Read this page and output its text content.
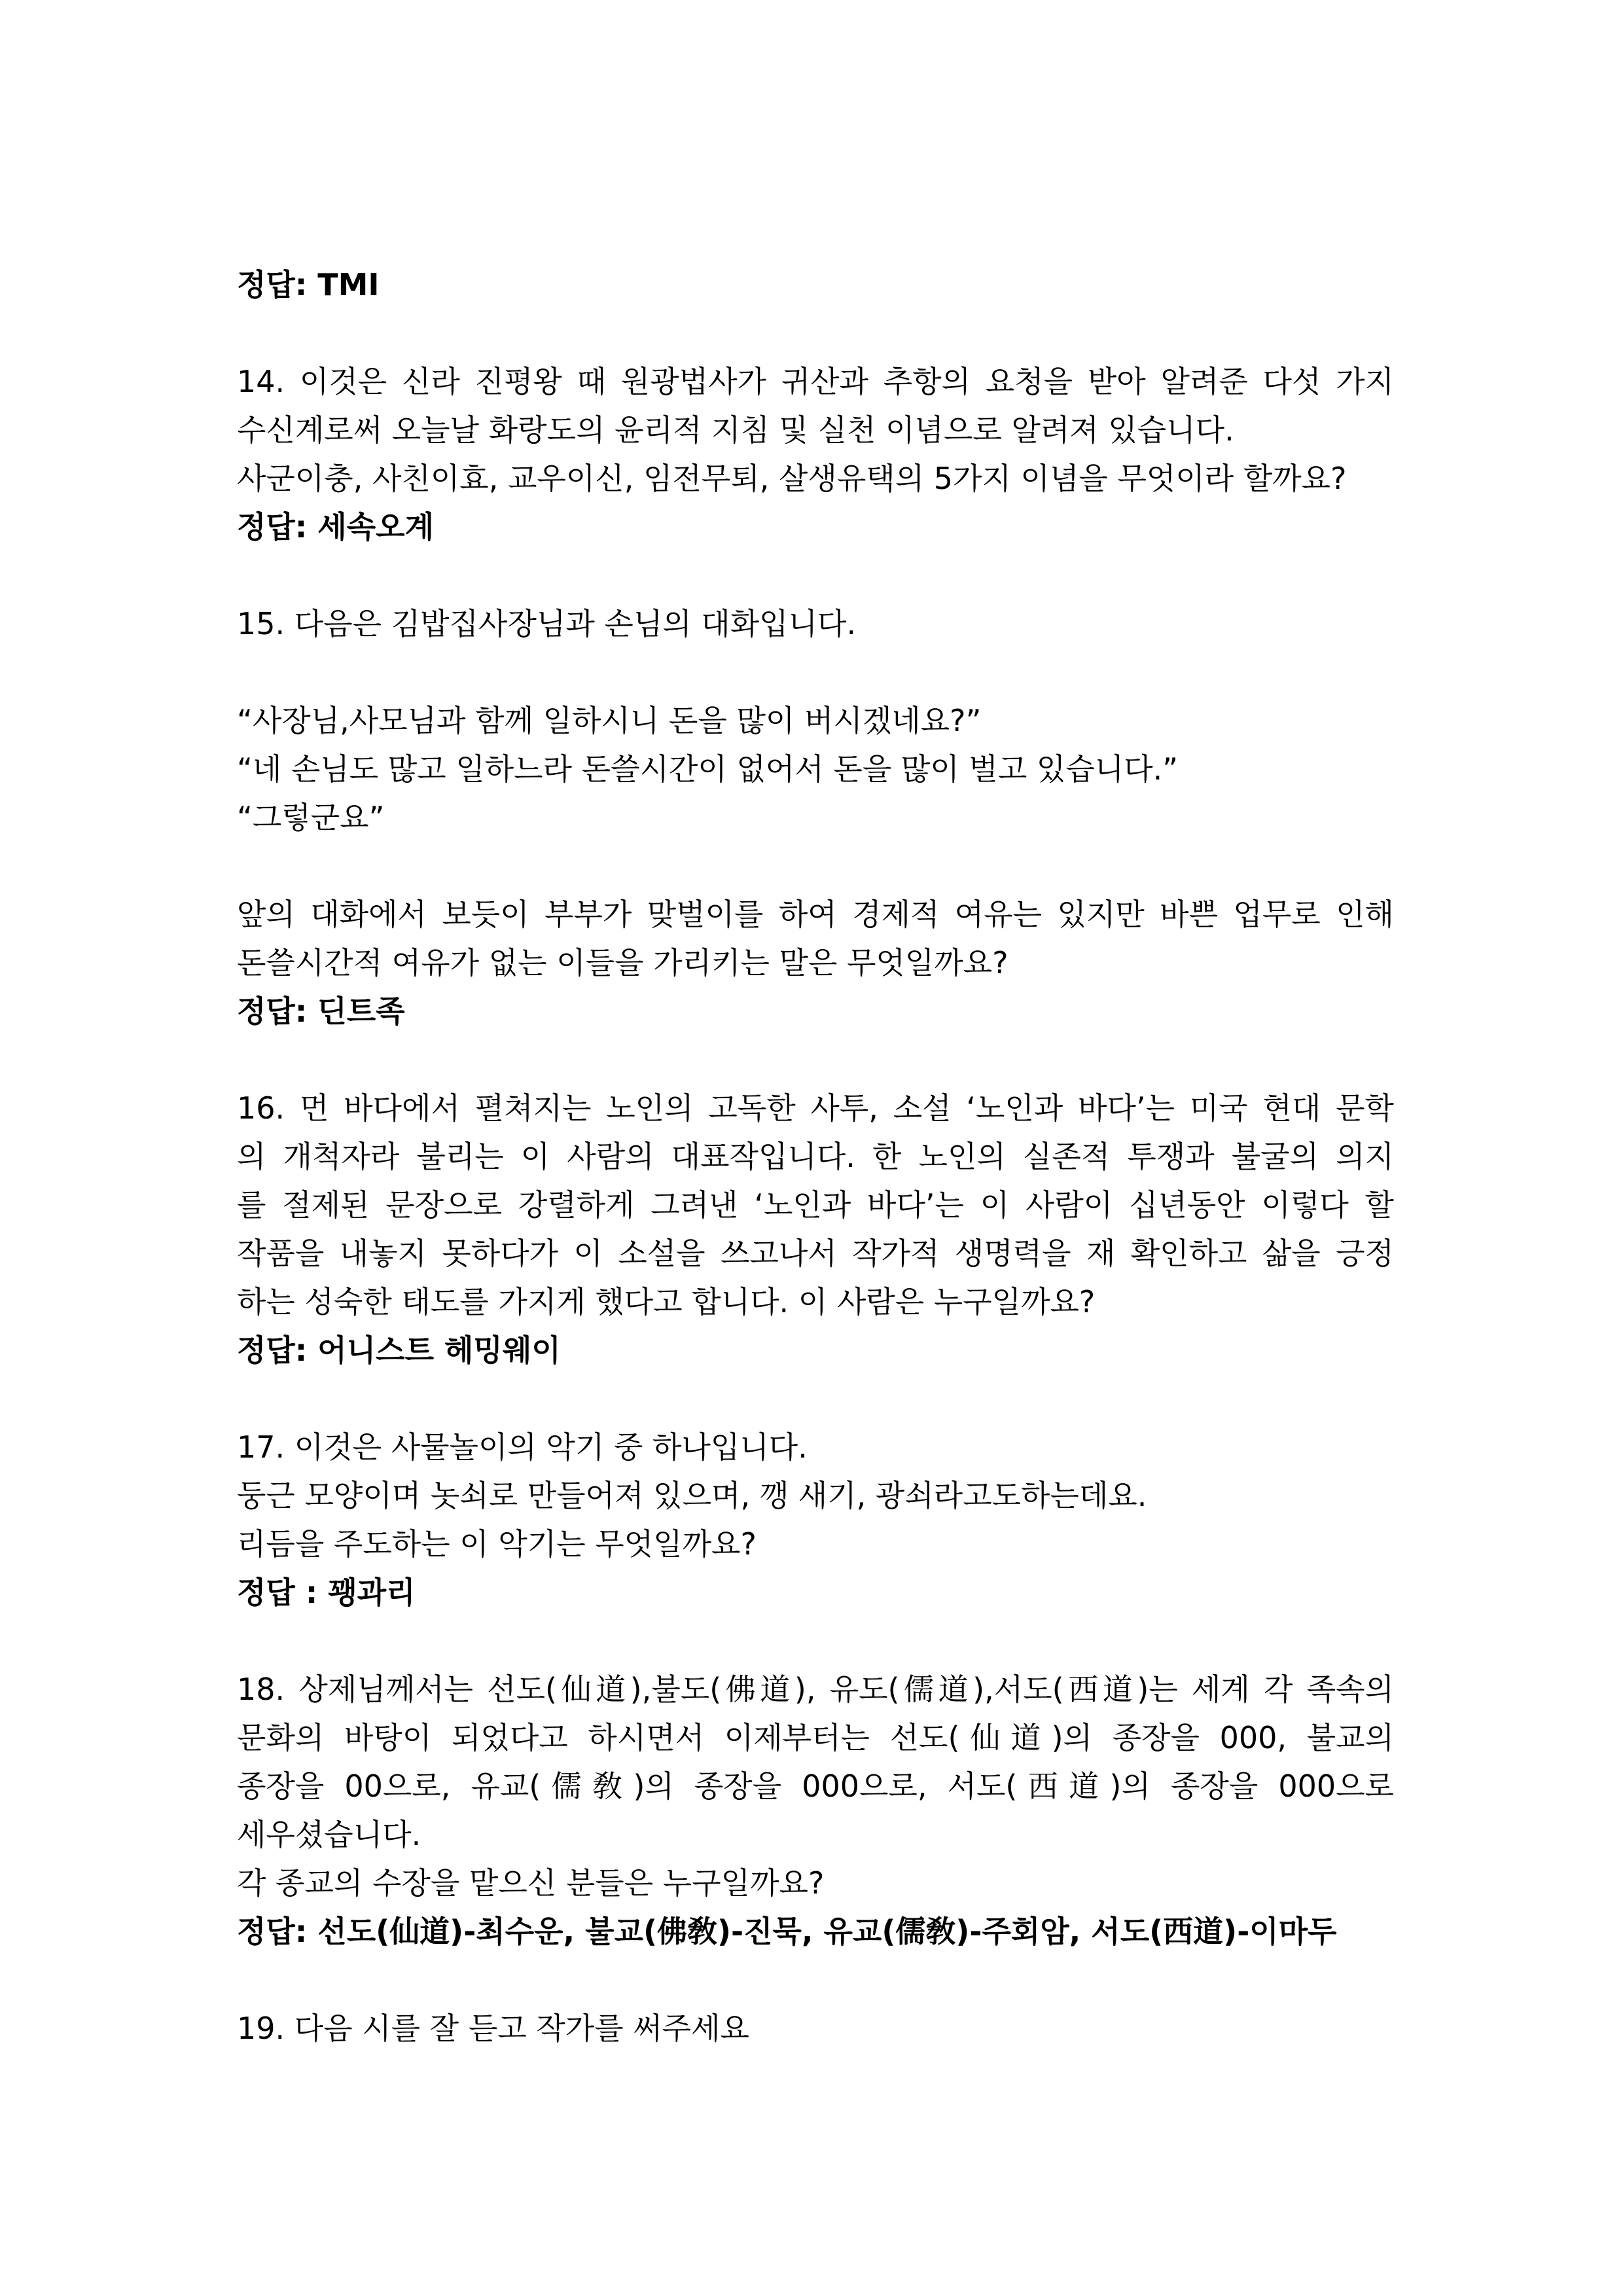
정답: TMI
14. 이것은 신라 진평왕 때 원광법사가 귀산과 추항의 요청을 받아 알려준 다섯 가지
수신계로써 오늘날 화랑도의 윤리적 지침 및 실천 이념으로 알려져 있습니다.
사군이충, 사친이효, 교우이신, 임전무퇴, 살생유택의 5가지 이념을 무엇이라 할까요?
정답: 세속오계
15. 다음은 김밥집사장님과 손님의 대화입니다.
“사장님,사모님과 함께 일하시니 돈을 많이 버시겠네요?”
“네 손님도 많고 일하느라 돈쓸시간이 없어서 돈을 많이 벌고 있습니다.”
“그렇군요”
앞의 대화에서 보듯이 부부가 맞벌이를 하여 경제적 여유는 있지만 바쁜 업무로 인해
돈쓸시간적 여유가 없는 이들을 가리키는 말은 무엇일까요?
정답: 딘트족
16. 먼 바다에서 펼쳐지는 노인의 고독한 사투, 소설 ‘노인과 바다’는 미국 현대 문학
의 개척자라 불리는 이 사람의 대표작입니다. 한 노인의 실존적 투쟁과 불굴의 의지
를 절제된 문장으로 강렬하게 그려낸 ‘노인과 바다’는 이 사람이 십년동안 이렇다 할
작품을 내놓지 못하다가 이 소설을 쓰고나서 작가적 생명력을 재 확인하고 삶을 긍정
하는 성숙한 태도를 가지게 했다고 합니다. 이 사람은 누구일까요?
정답: 어니스트 헤밍웨이
17. 이것은 사물놀이의 악기 중 하나입니다.
둥근 모양이며 놋쇠로 만들어져 있으며, 깽 새기, 광쇠라고도하는데요.
리듬을 주도하는 이 악기는 무엇일까요?
정답 : 꽹과리
18. 상제님께서는 선도(仙道),불도(佛道), 유도(儒道),서도(西道)는 세계 각 족속의
문화의 바탕이 되었다고 하시면서 이제부터는 선도(仙道)의 종장을 000, 불교의
종장을 00으로, 유교(儒敎)의 종장을 000으로, 서도(西道)의 종장을 000으로
세우셨습니다.
각 종교의 수장을 맡으신 분들은 누구일까요?
정답: 선도(仙道)-최수운, 불교(佛敎)-진묵, 유교(儒敎)-주회암, 서도(西道)-이마두
19. 다음 시를 잘 듣고 작가를 써주세요
